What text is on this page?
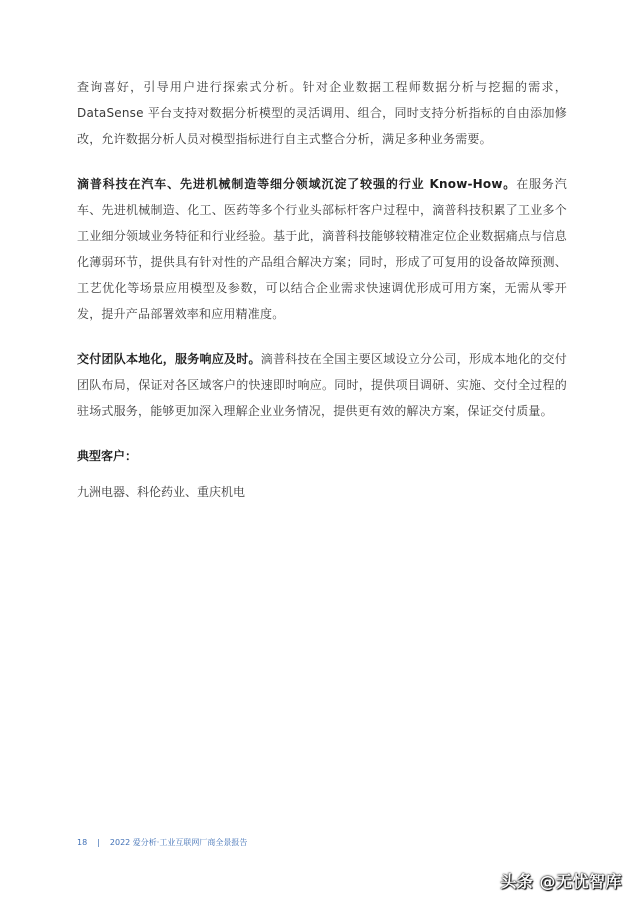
查询喜好，引导用户进行探索式分析。针对企业数据工程师数据分析与挖掘的需求，DataSense 平台支持对数据分析模型的灵活调用、组合，同时支持分析指标的自由添加修改，允许数据分析人员对模型指标进行自主式整合分析，满足多种业务需要。

滴普科技在汽车、先进机械制造等细分领域沉淀了较强的行业 Know-How。在服务汽车、先进机械制造、化工、医药等多个行业头部标杆客户过程中，滴普科技积累了工业多个工业细分领域业务特征和行业经验。基于此，滴普科技能够较精准定位企业数据痛点与信息化薄弱环节，提供具有针对性的产品组合解决方案；同时，形成了可复用的设备故障预测、工艺优化等场景应用模型及参数，可以结合企业需求快速调优形成可用方案，无需从零开发，提升产品部署效率和应用精准度。

交付团队本地化，服务响应及时。滴普科技在全国主要区域设立分公司，形成本地化的交付团队布局，保证对各区域客户的快速即时响应。同时，提供项目调研、实施、交付全过程的驻场式服务，能够更加深入理解企业业务情况，提供更有效的解决方案，保证交付质量。

典型客户：

九洲电器、科伦药业、重庆机电

18 | 2022 爱分析·工业互联网厂商全景报告
头条 @无忧智库
